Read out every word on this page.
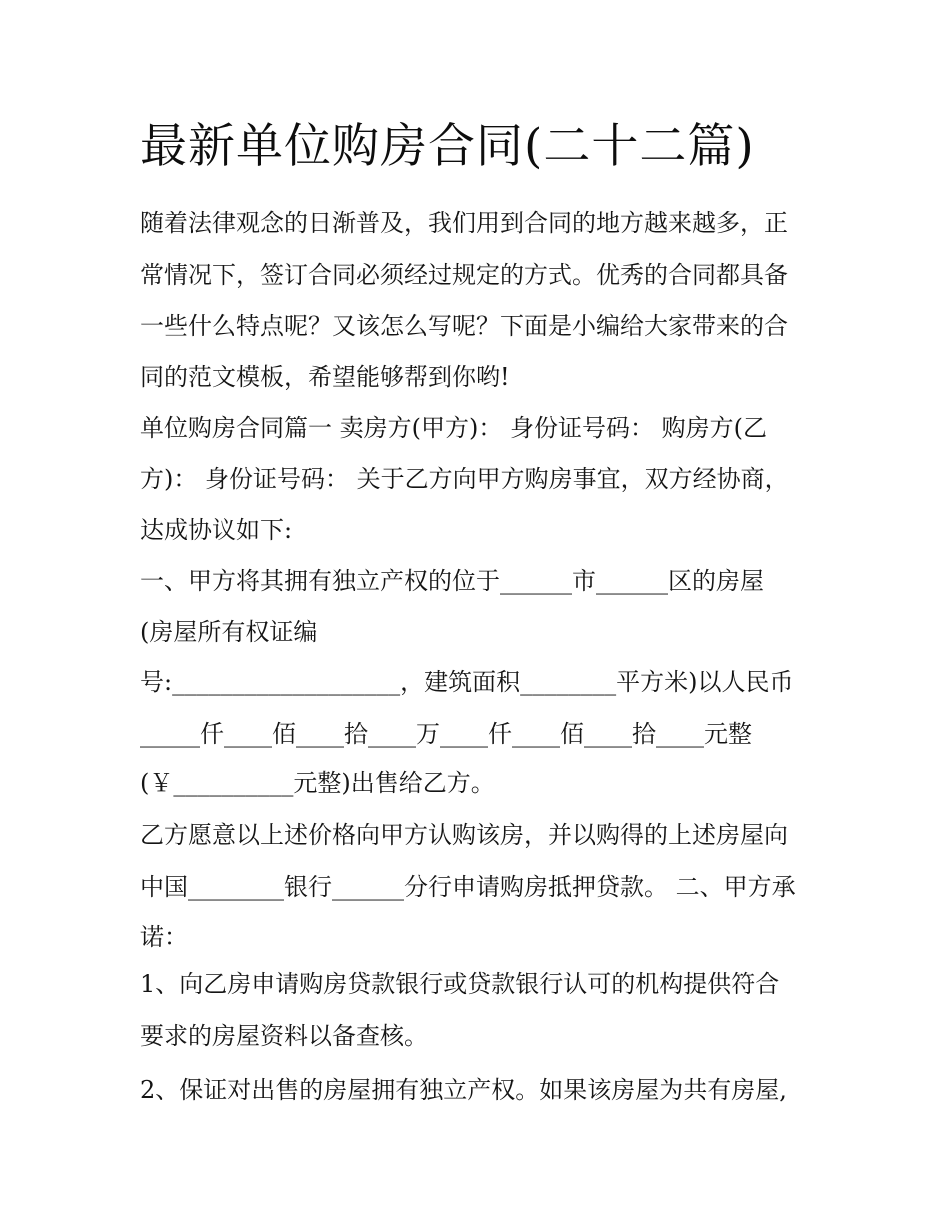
最新单位购房合同(二十二篇)
随着法律观念的日渐普及，我们用到合同的地方越来越多，正
常情况下，签订合同必须经过规定的方式。优秀的合同都具备
一些什么特点呢？又该怎么写呢？下面是小编给大家带来的合
同的范文模板，希望能够帮到你哟!
单位购房合同篇一 卖房方(甲方)： 身份证号码： 购房方(乙
方)： 身份证号码： 关于乙方向甲方购房事宜，双方经协商，
达成协议如下:
一、甲方将其拥有独立产权的位于______市______区的房屋
(房屋所有权证编
号:___________________，建筑面积________平方米)以人民币
_____仟____佰____拾____万____仟____佰____拾____元整
(￥__________元整)出售给乙方。
乙方愿意以上述价格向甲方认购该房，并以购得的上述房屋向
中国________银行______分行申请购房抵押贷款。 二、甲方承
诺：
1、向乙房申请购房贷款银行或贷款银行认可的机构提供符合
要求的房屋资料以备查核。
2、保证对出售的房屋拥有独立产权。如果该房屋为共有房屋,
